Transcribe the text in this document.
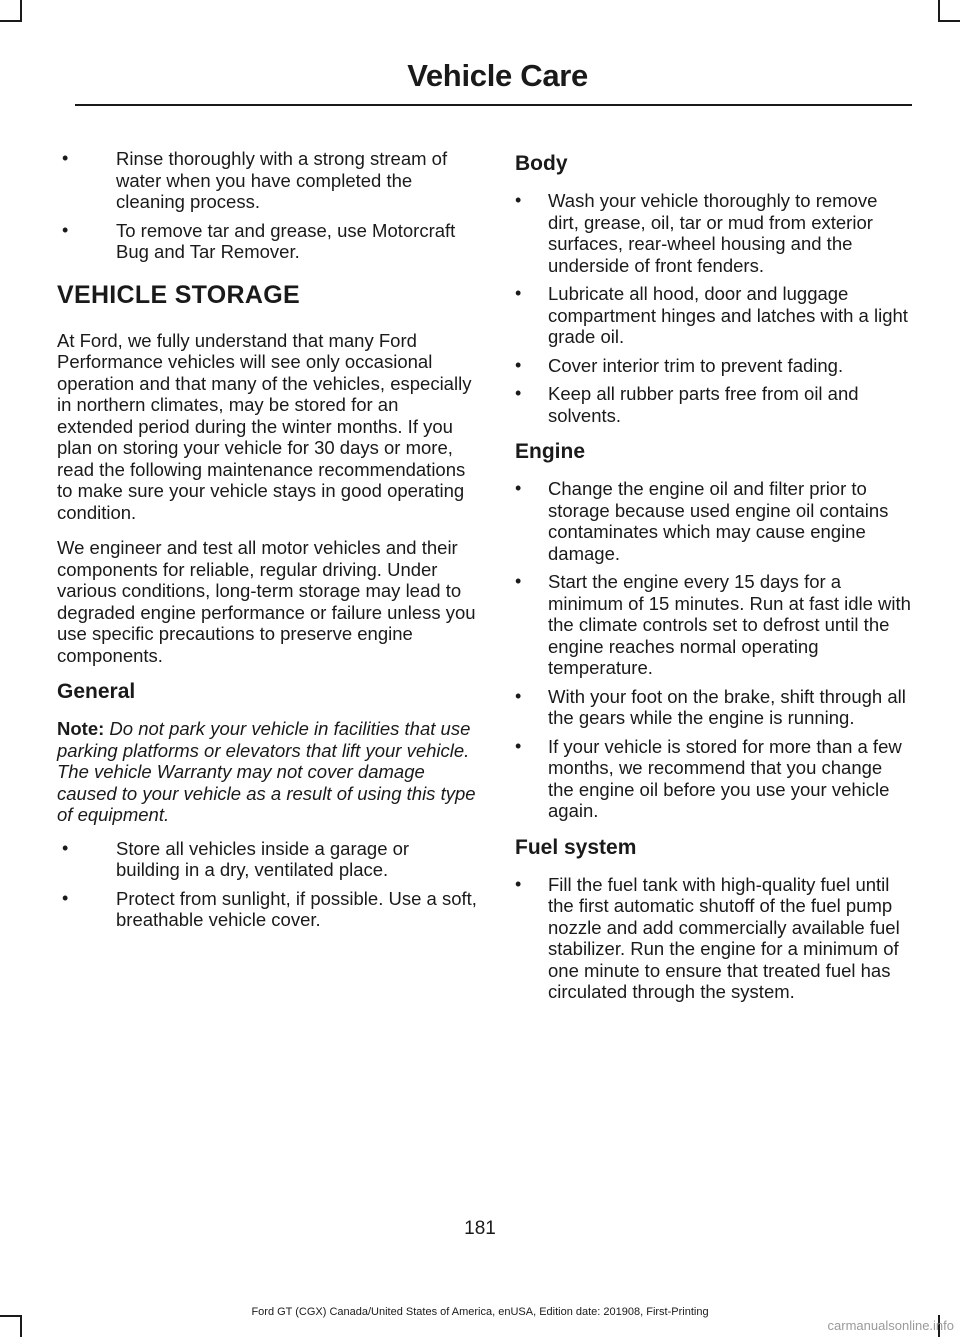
Vehicle Care
•	Rinse thoroughly with a strong stream of water when you have completed the cleaning process.
•	To remove tar and grease, use Motorcraft Bug and Tar Remover.
VEHICLE STORAGE

At Ford, we fully understand that many Ford Performance vehicles will see only occasional operation and that many of the vehicles, especially in northern climates, may be stored for an extended period during the winter months. If you plan on storing your vehicle for 30 days or more, read the following maintenance recommendations to make sure your vehicle stays in good operating condition.

We engineer and test all motor vehicles and their components for reliable, regular driving. Under various conditions, long-term storage may lead to degraded engine performance or failure unless you use specific precautions to preserve engine components.

General

Note: Do not park your vehicle in facilities that use parking platforms or elevators that lift your vehicle. The vehicle Warranty may not cover damage caused to your vehicle as a result of using this type of equipment.

•	Store all vehicles inside a garage or building in a dry, ventilated place.
•	Protect from sunlight, if possible. Use a soft, breathable vehicle cover.
Body
• Wash your vehicle thoroughly to remove dirt, grease, oil, tar or mud from exterior surfaces, rear-wheel housing and the underside of front fenders.
• Lubricate all hood, door and luggage compartment hinges and latches with a light grade oil.
• Cover interior trim to prevent fading.
• Keep all rubber parts free from oil and solvents.
Engine
• Change the engine oil and filter prior to storage because used engine oil contains contaminates which may cause engine damage.
• Start the engine every 15 days for a minimum of 15 minutes. Run at fast idle with the climate controls set to defrost until the engine reaches normal operating temperature.
• With your foot on the brake, shift through all the gears while the engine is running.
• If your vehicle is stored for more than a few months, we recommend that you change the engine oil before you use your vehicle again.
Fuel system
• Fill the fuel tank with high-quality fuel until the first automatic shutoff of the fuel pump nozzle and add commercially available fuel stabilizer. Run the engine for a minimum of one minute to ensure that treated fuel has circulated through the system.
181
Ford GT (CGX) Canada/United States of America, enUSA, Edition date: 201908, First-Printing
carmanualsonline.info
